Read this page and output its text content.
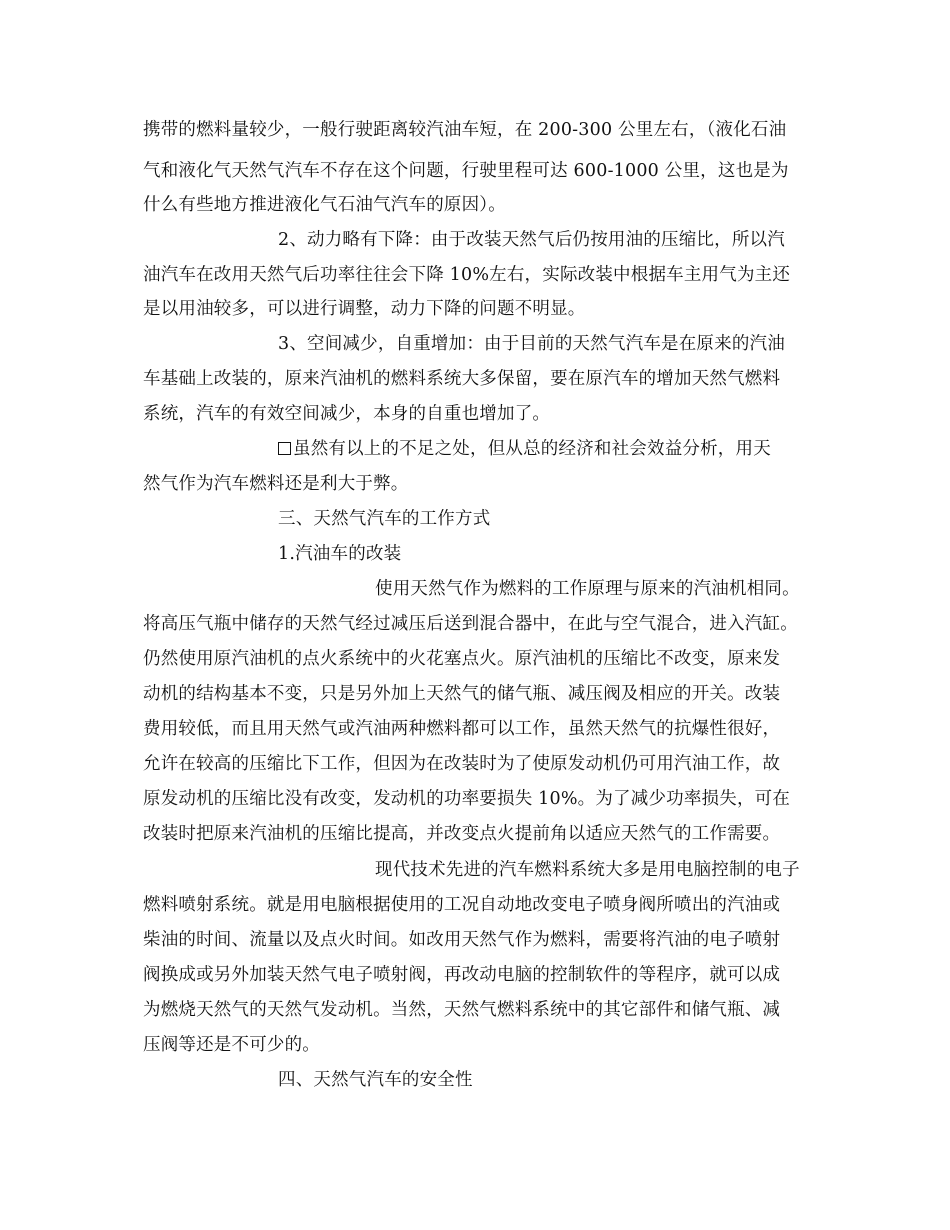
携带的燃料量较少，一般行驶距离较汽油车短，在 200-300 公里左右，（液化石油
气和液化气天然气汽车不存在这个问题，行驶里程可达 600-1000 公里，这也是为
什么有些地方推进液化气石油气汽车的原因）。
2、动力略有下降：由于改装天然气后仍按用油的压缩比，所以汽
油汽车在改用天然气后功率往往会下降 10%左右，实际改装中根据车主用气为主还
是以用油较多，可以进行调整，动力下降的问题不明显。
3、空间减少，自重增加：由于目前的天然气汽车是在原来的汽油
车基础上改装的，原来汽油机的燃料系统大多保留，要在原汽车的增加天然气燃料
系统，汽车的有效空间减少，本身的自重也增加了。
虽然有以上的不足之处，但从总的经济和社会效益分析，用天
然气作为汽车燃料还是利大于弊。
三、天然气汽车的工作方式
1.汽油车的改装
使用天然气作为燃料的工作原理与原来的汽油机相同。
将高压气瓶中储存的天然气经过减压后送到混合器中，在此与空气混合，进入汽缸。
仍然使用原汽油机的点火系统中的火花塞点火。原汽油机的压缩比不改变，原来发
动机的结构基本不变，只是另外加上天然气的储气瓶、减压阀及相应的开关。改装
费用较低，而且用天然气或汽油两种燃料都可以工作，虽然天然气的抗爆性很好，
允许在较高的压缩比下工作，但因为在改装时为了使原发动机仍可用汽油工作，故
原发动机的压缩比没有改变，发动机的功率要损失 10%。为了减少功率损失，可在
改装时把原来汽油机的压缩比提高，并改变点火提前角以适应天然气的工作需要。
现代技术先进的汽车燃料系统大多是用电脑控制的电子
燃料喷射系统。就是用电脑根据使用的工况自动地改变电子喷身阀所喷出的汽油或
柴油的时间、流量以及点火时间。如改用天然气作为燃料，需要将汽油的电子喷射
阀换成或另外加装天然气电子喷射阀，再改动电脑的控制软件的等程序，就可以成
为燃烧天然气的天然气发动机。当然，天然气燃料系统中的其它部件和储气瓶、减
压阀等还是不可少的。
四、天然气汽车的安全性
